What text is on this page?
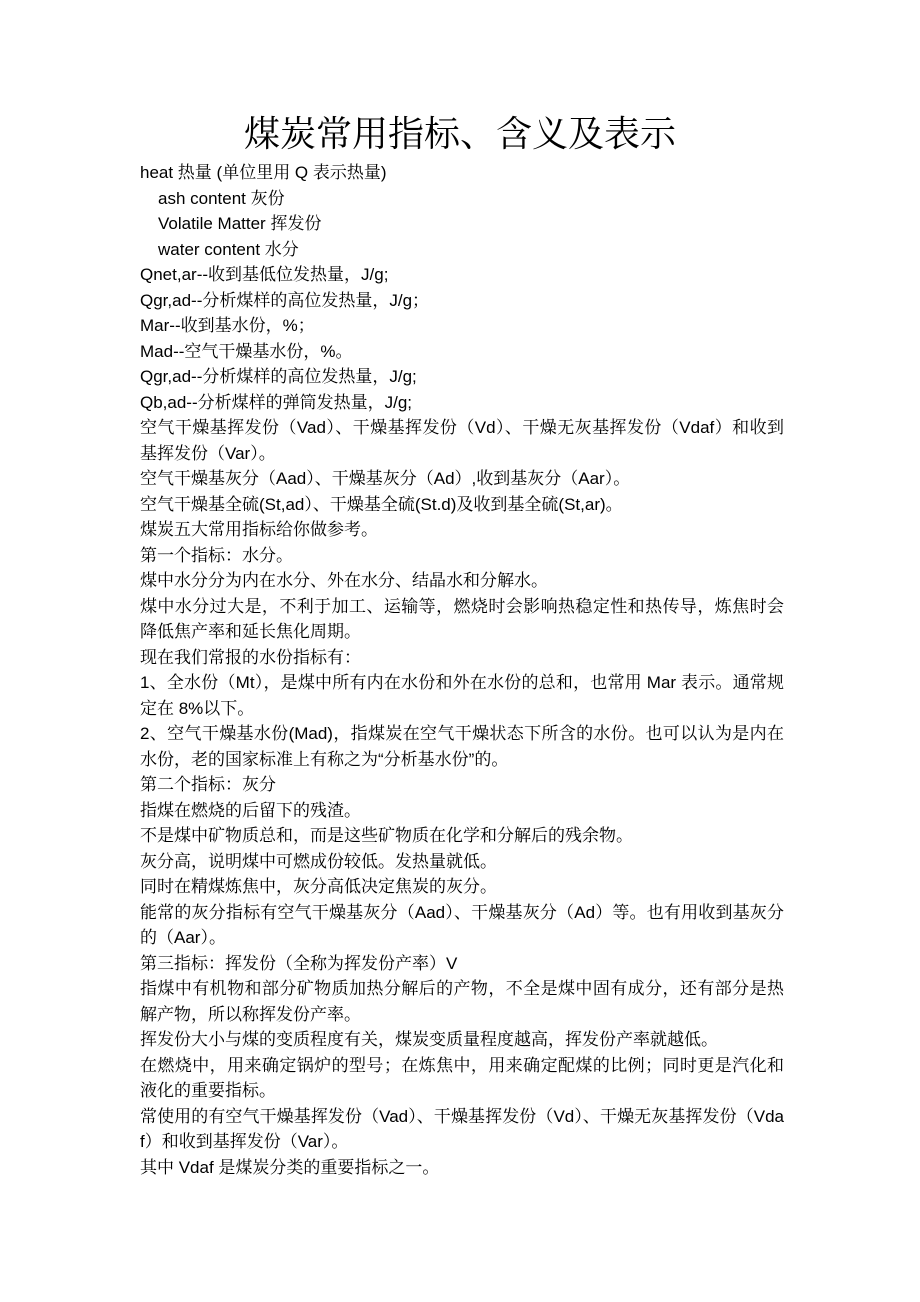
煤炭常用指标、含义及表示

heat 热量 (单位里用 Q 表示热量)

ash content 灰份

Volatile Matter 挥发份

water content 水分

Qnet,ar--收到基低位发热量，J/g;

Qgr,ad--分析煤样的高位发热量，J/g；

Mar--收到基水份，%；

Mad--空气干燥基水份，%。

Qgr,ad--分析煤样的高位发热量，J/g;

Qb,ad--分析煤样的弹筒发热量，J/g;

空气干燥基挥发份（Vad）、干燥基挥发份（Vd）、干燥无灰基挥发份（Vdaf）和收到基挥发份（Var）。

空气干燥基灰分（Aad）、干燥基灰分（Ad）,收到基灰分（Aar）。

空气干燥基全硫(St,ad）、干燥基全硫(St.d)及收到基全硫(St,ar)。

煤炭五大常用指标给你做参考。

第一个指标：水分。

煤中水分分为内在水分、外在水分、结晶水和分解水。

煤中水分过大是，不利于加工、运输等，燃烧时会影响热稳定性和热传导，炼焦时会降低焦产率和延长焦化周期。

现在我们常报的水份指标有：

1、全水份（Mt），是煤中所有内在水份和外在水份的总和，也常用 Mar 表示。通常规定在 8%以下。

2、空气干燥基水份(Mad)，指煤炭在空气干燥状态下所含的水份。也可以认为是内在水份，老的国家标准上有称之为“分析基水份”的。

第二个指标：灰分

指煤在燃烧的后留下的残渣。

不是煤中矿物质总和，而是这些矿物质在化学和分解后的残余物。

灰分高，说明煤中可燃成份较低。发热量就低。

同时在精煤炼焦中，灰分高低决定焦炭的灰分。

能常的灰分指标有空气干燥基灰分（Aad）、干燥基灰分（Ad）等。也有用收到基灰分的（Aar）。

第三指标：挥发份（全称为挥发份产率）V

指煤中有机物和部分矿物质加热分解后的产物，不全是煤中固有成分，还有部分是热解产物，所以称挥发份产率。

挥发份大小与煤的变质程度有关，煤炭变质量程度越高，挥发份产率就越低。

在燃烧中，用来确定锅炉的型号；在炼焦中，用来确定配煤的比例；同时更是汽化和液化的重要指标。

常使用的有空气干燥基挥发份（Vad）、干燥基挥发份（Vd）、干燥无灰基挥发份（Vdaf）和收到基挥发份（Var）。

其中 Vdaf 是煤炭分类的重要指标之一。
